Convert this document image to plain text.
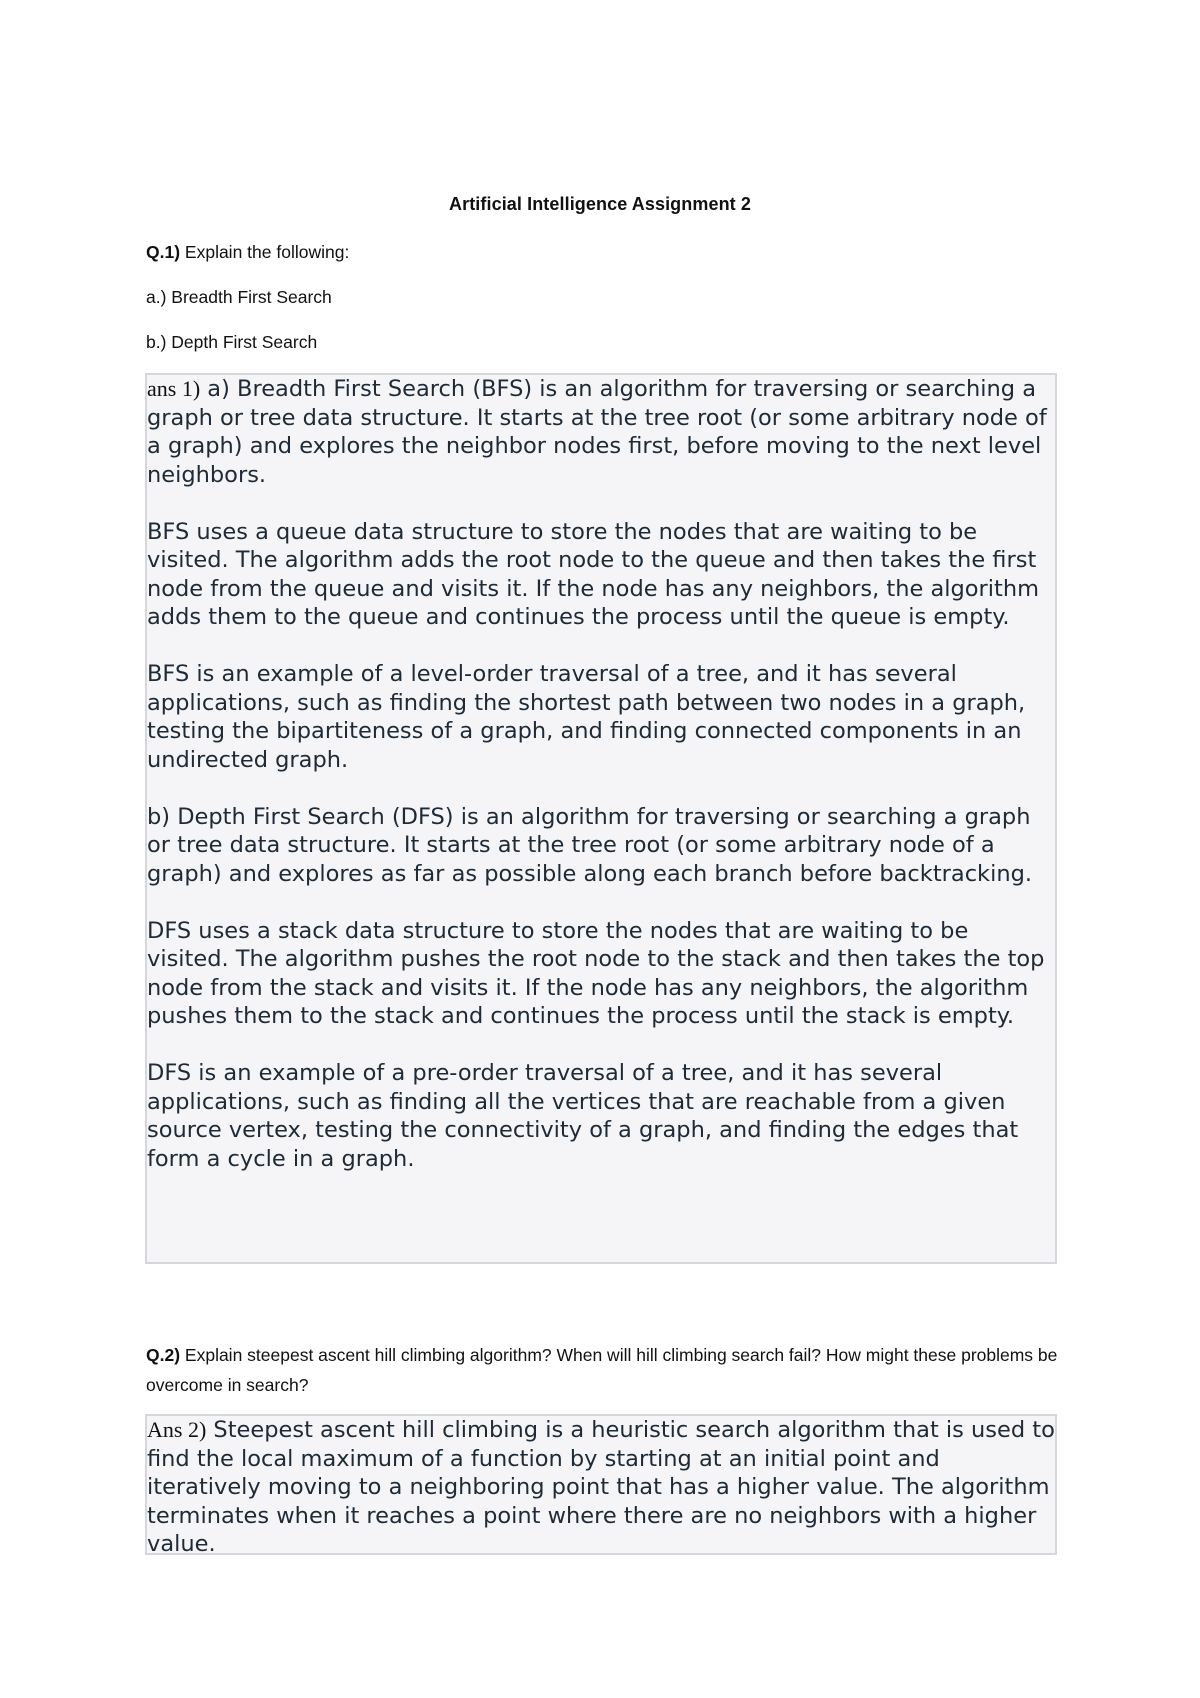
Artificial Intelligence Assignment 2
Q.1) Explain the following:
a.) Breadth First Search
b.) Depth First Search

ans 1) a) Breadth First Search (BFS) is an algorithm for traversing or searching a graph or tree data structure. It starts at the tree root (or some arbitrary node of a graph) and explores the neighbor nodes first, before moving to the next level neighbors.

BFS uses a queue data structure to store the nodes that are waiting to be visited. The algorithm adds the root node to the queue and then takes the first node from the queue and visits it. If the node has any neighbors, the algorithm adds them to the queue and continues the process until the queue is empty.

BFS is an example of a level-order traversal of a tree, and it has several applications, such as finding the shortest path between two nodes in a graph, testing the bipartiteness of a graph, and finding connected components in an undirected graph.

b) Depth First Search (DFS) is an algorithm for traversing or searching a graph or tree data structure. It starts at the tree root (or some arbitrary node of a graph) and explores as far as possible along each branch before backtracking.

DFS uses a stack data structure to store the nodes that are waiting to be visited. The algorithm pushes the root node to the stack and then takes the top node from the stack and visits it. If the node has any neighbors, the algorithm pushes them to the stack and continues the process until the stack is empty.

DFS is an example of a pre-order traversal of a tree, and it has several applications, such as finding all the vertices that are reachable from a given source vertex, testing the connectivity of a graph, and finding the edges that form a cycle in a graph.

Q.2) Explain steepest ascent hill climbing algorithm? When will hill climbing search fail? How might these problems be overcome in search?

Ans 2) Steepest ascent hill climbing is a heuristic search algorithm that is used to find the local maximum of a function by starting at an initial point and iteratively moving to a neighboring point that has a higher value. The algorithm terminates when it reaches a point where there are no neighbors with a higher value.
